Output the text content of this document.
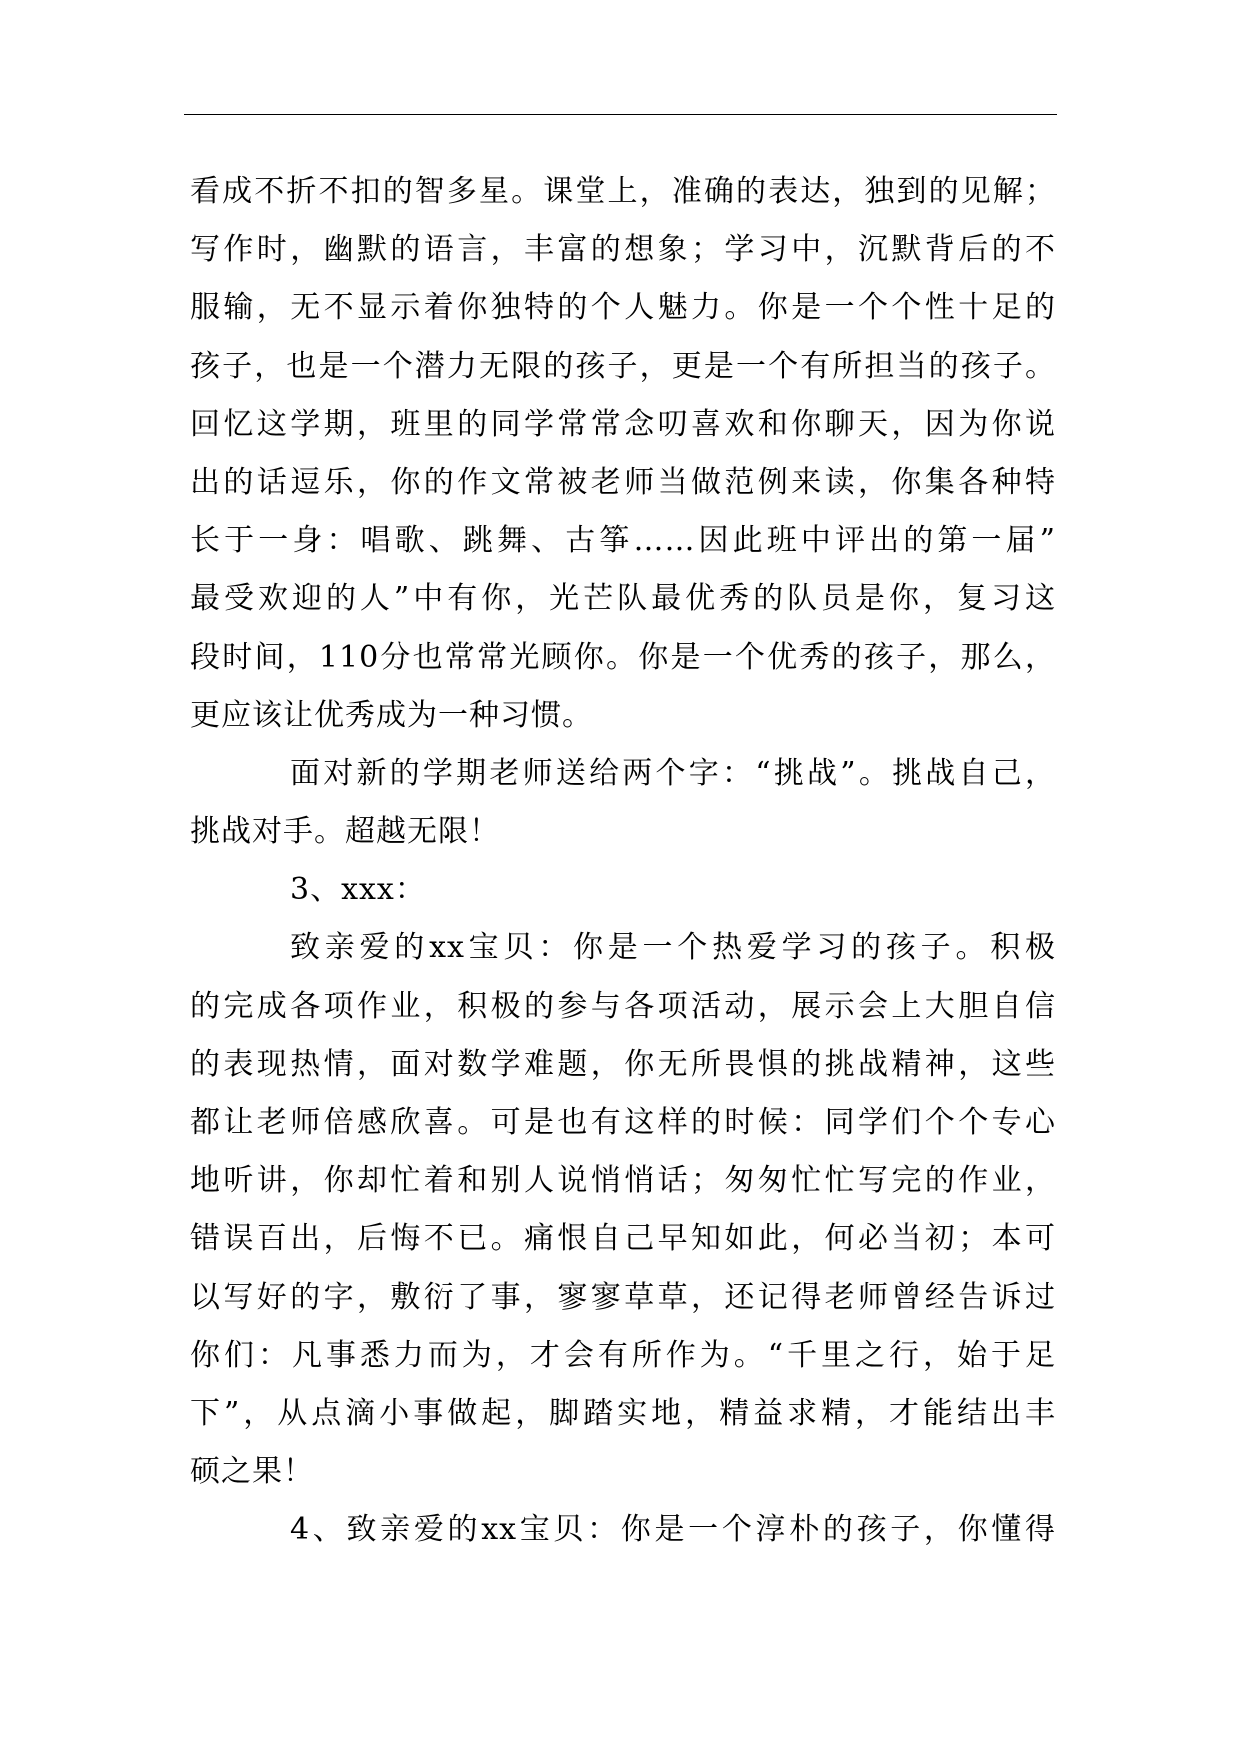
看成不折不扣的智多星。课堂上，准确的表达，独到的见解；
写作时，幽默的语言，丰富的想象；学习中，沉默背后的不
服输，无不显示着你独特的个人魅力。你是一个个性十足的
孩子，也是一个潜力无限的孩子，更是一个有所担当的孩子。
回忆这学期，班里的同学常常念叨喜欢和你聊天，因为你说
出的话逗乐，你的作文常被老师当做范例来读，你集各种特
长于一身：唱歌、跳舞、古筝……因此班中评出的第一届”
最受欢迎的人”中有你，光芒队最优秀的队员是你，复习这
段时间，110分也常常光顾你。你是一个优秀的孩子，那么，
更应该让优秀成为一种习惯。
面对新的学期老师送给两个字：“挑战”。挑战自己，
挑战对手。超越无限！
3、xxx：
致亲爱的xx宝贝：你是一个热爱学习的孩子。积极
的完成各项作业，积极的参与各项活动，展示会上大胆自信
的表现热情，面对数学难题，你无所畏惧的挑战精神，这些
都让老师倍感欣喜。可是也有这样的时候：同学们个个专心
地听讲，你却忙着和别人说悄悄话；匆匆忙忙写完的作业，
错误百出，后悔不已。痛恨自己早知如此，何必当初；本可
以写好的字，敷衍了事，寥寥草草，还记得老师曾经告诉过
你们：凡事悉力而为，才会有所作为。“千里之行，始于足
下”，从点滴小事做起，脚踏实地，精益求精，才能结出丰
硕之果！
4、致亲爱的xx宝贝：你是一个淳朴的孩子，你懂得
